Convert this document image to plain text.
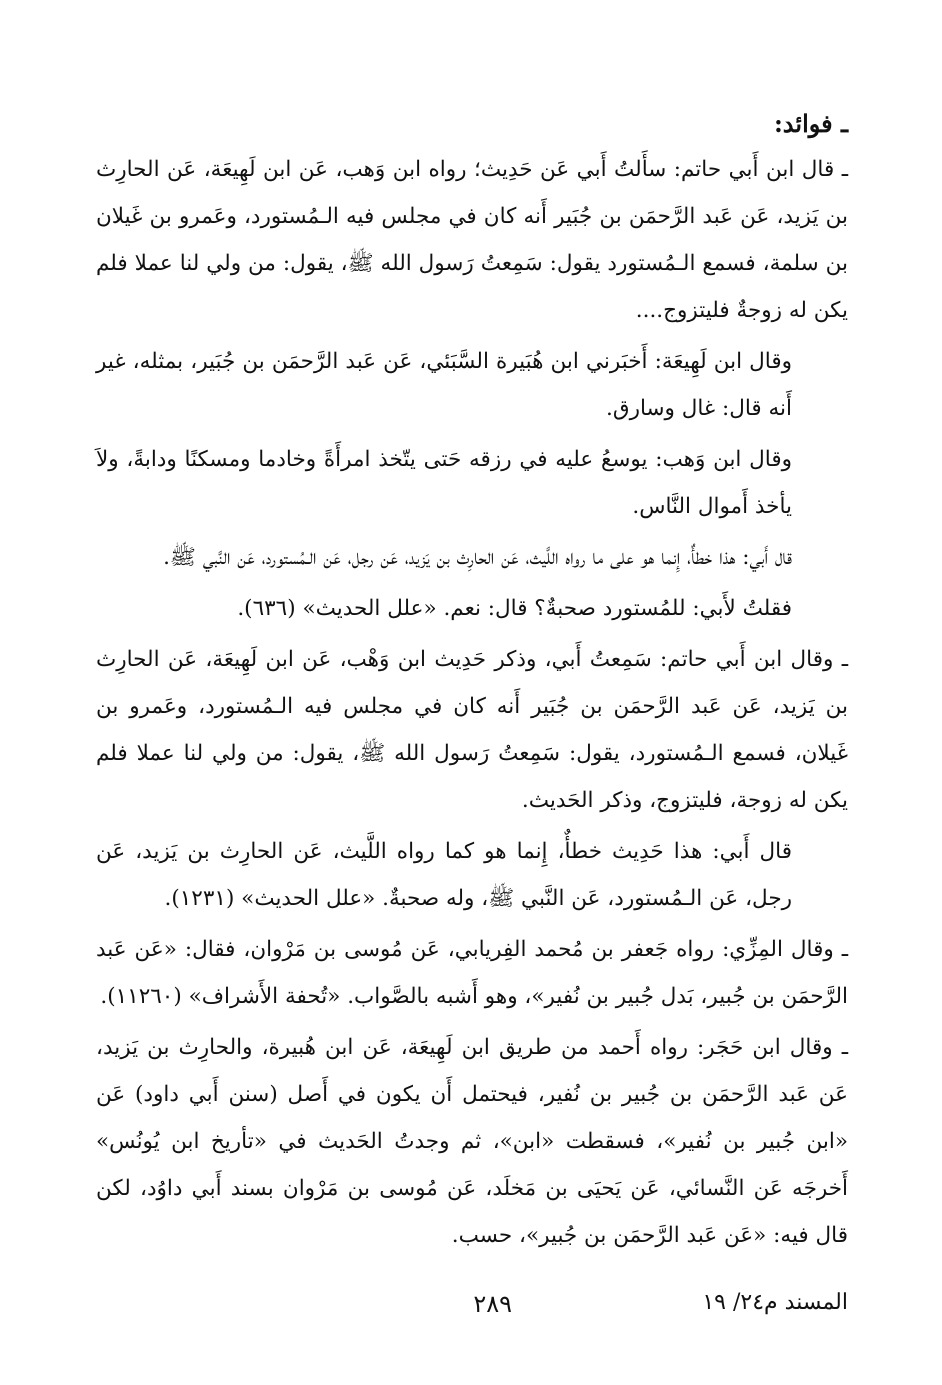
ـ فوائد:

ـ قال ابن أَبي حاتم: سأَلتُ أَبي عَن حَدِيث؛ رواه ابن وَهب، عَن ابن لَهِيعَة، عَن الحارِث بن يَزيد، عَن عَبد الرَّحمَن بن جُبَير أَنه كان في مجلس فيه الـمُستورد، وعَمرو بن غَيلان بن سلمة، فسمع الـمُستورد يقول: سَمِعتُ رَسول الله ﷺ، يقول: من ولي لنا عملا فلم يكن له زوجةٌ فليتزوج....

وقال ابن لَهِيعَة: أَخبَرني ابن هُبَيرة السَّبَئي، عَن عَبد الرَّحمَن بن جُبَير، بمثله، غير أَنه قال: غال وسارق.

وقال ابن وَهب: يوسعُ عليه في رزقه حَتى يتّخذ امرأَةً وخادما ومسكنًا ودابةً، ولاَ يأخذ أَموال النَّاس.

قال أَبي: هذا خطأٌ، إِنما هو على ما رواه اللَّيث، عَن الحارِث بن يَزيد، عَن رجل، عَن الـمُستورد، عَن النَّبي ﷺ.

فقلتُ لأَبي: للمُستورد صحبةٌ؟ قال: نعم. «علل الحديث» (٦٣٦).

ـ وقال ابن أَبي حاتم: سَمِعتُ أَبي، وذكر حَدِيث ابن وَهْب، عَن ابن لَهِيعَة، عَن الحارِث بن يَزيد، عَن عَبد الرَّحمَن بن جُبَير أَنه كان في مجلس فيه الـمُستورد، وعَمرو بن غَيلان، فسمع الـمُستورد، يقول: سَمِعتُ رَسول الله ﷺ، يقول: من ولي لنا عملا فلم يكن له زوجة، فليتزوج، وذكر الحَديث.

قال أَبي: هذا حَدِيث خطأٌ، إِنما هو كما رواه اللَّيث، عَن الحارِث بن يَزيد، عَن رجل، عَن الـمُستورد، عَن النَّبي ﷺ، وله صحبةٌ. «علل الحديث» (١٢٣١).

ـ وقال المِزِّي: رواه جَعفر بن مُحمد الفِريابي، عَن مُوسى بن مَرْوان، فقال: «عَن عَبد الرَّحمَن بن جُبير، بَدل جُبير بن نُفير»، وهو أَشبه بالصَّواب. «تُحفة الأَشراف» (١١٢٦٠).

ـ وقال ابن حَجَر: رواه أَحمد من طريق ابن لَهِيعَة، عَن ابن هُبيرة، والحارِث بن يَزيد، عَن عَبد الرَّحمَن بن جُبير بن نُفير، فيحتمل أَن يكون في أَصل (سنن أَبي داود) عَن «ابن جُبير بن نُفير»، فسقطت «ابن»، ثم وجدتُ الحَديث في «تأريخ ابن يُونُس» أَخرجَه عَن النَّسائي، عَن يَحيَى بن مَخلَد، عَن مُوسى بن مَرْوان بسند أَبي داوُد، لكن قال فيه: «عَن عَبد الرَّحمَن بن جُبير»، حسب.

المسند م٢٤/ ١٩
٢٨٩
